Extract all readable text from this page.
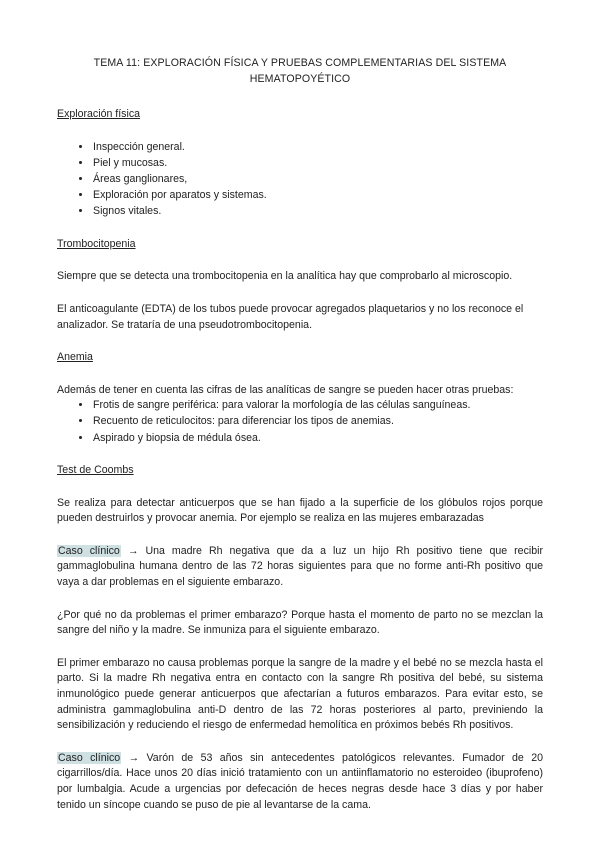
TEMA 11: EXPLORACIÓN FÍSICA Y PRUEBAS COMPLEMENTARIAS DEL SISTEMA HEMATOPOYÉTICO
Exploración física
• Inspección general.
• Piel y mucosas.
• Áreas ganglionares,
• Exploración por aparatos y sistemas.
• Signos vitales.
Trombocitopenia

Siempre que se detecta una trombocitopenia en la analítica hay que comprobarlo al microscopio.

El anticoagulante (EDTA) de los tubos puede provocar agregados plaquetarios y no los reconoce el analizador. Se trataría de una pseudotrombocitopenia.

Anemia

Además de tener en cuenta las cifras de las analíticas de sangre se pueden hacer otras pruebas:

• Frotis de sangre periférica: para valorar la morfología de las células sanguíneas.
• Recuento de reticulocitos: para diferenciar los tipos de anemias.
• Aspirado y biopsia de médula ósea.
Test de Coombs

Se realiza para detectar anticuerpos que se han fijado a la superficie de los glóbulos rojos porque pueden destruirlos y provocar anemia. Por ejemplo se realiza en las mujeres embarazadas

Caso clínico → Una madre Rh negativa que da a luz un hijo Rh positivo tiene que recibir gammaglobulina humana dentro de las 72 horas siguientes para que no forme anti-Rh positivo que vaya a dar problemas en el siguiente embarazo.

¿Por qué no da problemas el primer embarazo? Porque hasta el momento de parto no se mezclan la sangre del niño y la madre. Se inmuniza para el siguiente embarazo.

El primer embarazo no causa problemas porque la sangre de la madre y el bebé no se mezcla hasta el parto. Si la madre Rh negativa entra en contacto con la sangre Rh positiva del bebé, su sistema inmunológico puede generar anticuerpos que afectarían a futuros embarazos. Para evitar esto, se administra gammaglobulina anti-D dentro de las 72 horas posteriores al parto, previniendo la sensibilización y reduciendo el riesgo de enfermedad hemolítica en próximos bebés Rh positivos.

Caso clínico → Varón de 53 años sin antecedentes patológicos relevantes. Fumador de 20 cigarrillos/día. Hace unos 20 días inició tratamiento con un antiinflamatorio no esteroideo (ibuprofeno) por lumbalgia. Acude a urgencias por defecación de heces negras desde hace 3 días y por haber tenido un síncope cuando se puso de pie al levantarse de la cama.
